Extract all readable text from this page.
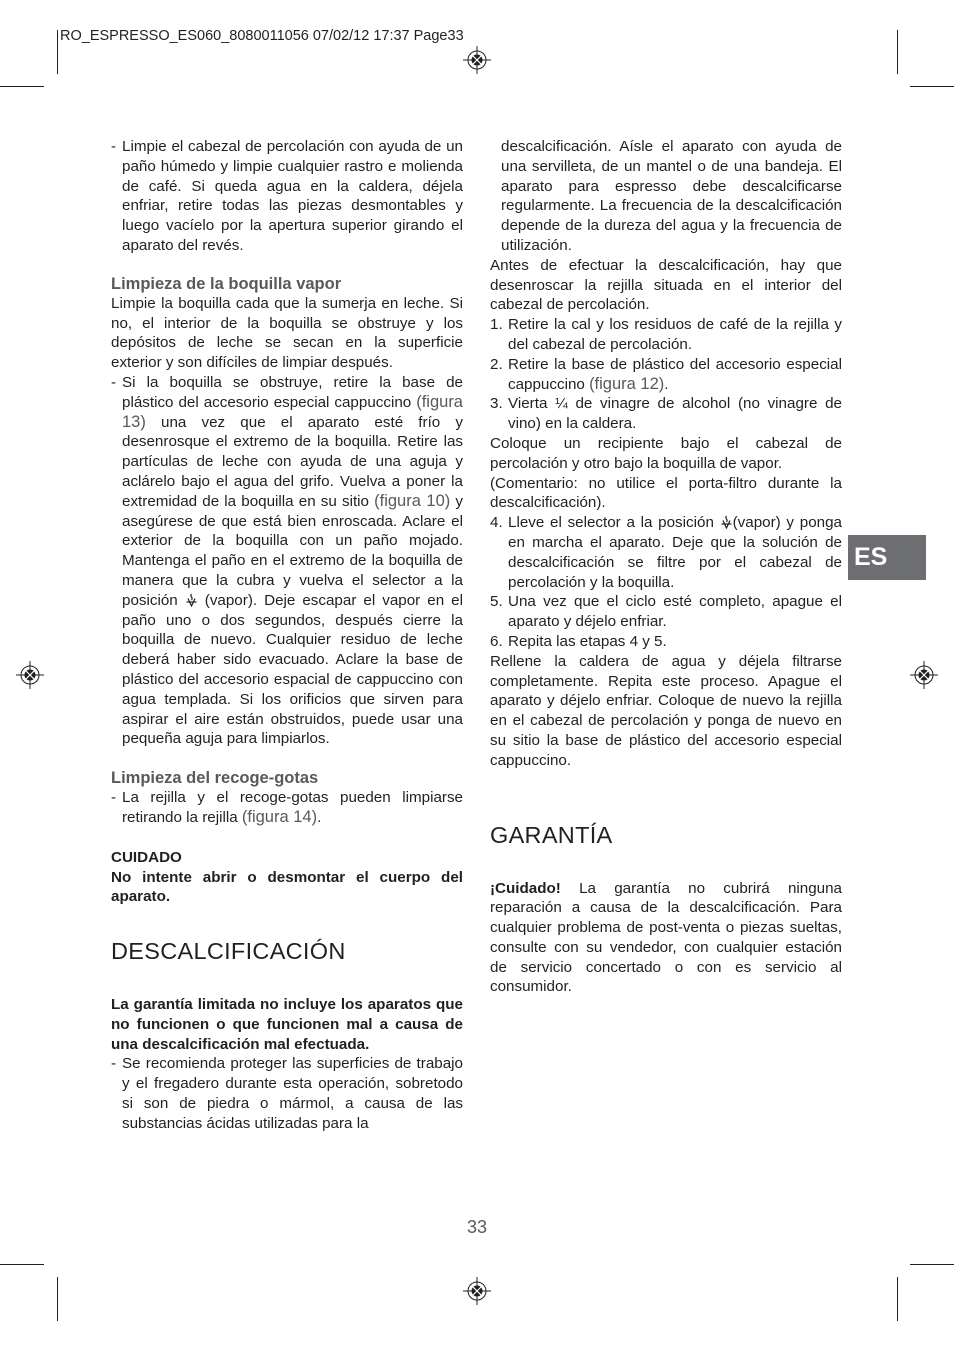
RO_ESPRESSO_ES060_8080011056 07/02/12 17:37 Page33
- Limpie el cabezal de percolación con ayuda de un paño húmedo y limpie cualquier rastro e molienda de café. Si queda agua en la caldera, déjela enfriar, retire todas las piezas desmontables y luego vacíelo por la apertura superior girando el aparato del revés.
Limpieza de la boquilla vapor
Limpie la boquilla cada que la sumerja en leche. Si no, el interior de la boquilla se obstruye y los depósitos de leche se secan en la superficie exterior y son difíciles de limpiar después.
- Si la boquilla se obstruye, retire la base de plástico del accesorio especial cappuccino (figura 13) una vez que el aparato esté frío y desenrosque el extremo de la boquilla. Retire las partículas de leche con ayuda de una aguja y aclárelo bajo el agua del grifo. Vuelva a poner la extremidad de la boquilla en su sitio (figura 10) y asegúrese de que está bien enroscada. Aclare el exterior de la boquilla con un paño mojado. Mantenga el paño en el extremo de la boquilla de manera que la cubra y vuelva el selector a la posición (vapor). Deje escapar el vapor en el paño uno o dos segundos, después cierre la boquilla de nuevo. Cualquier residuo de leche deberá haber sido evacuado. Aclare la base de plástico del accesorio espacial de cappuccino con agua templada. Si los orificios que sirven para aspirar el aire están obstruidos, puede usar una pequeña aguja para limpiarlos.
Limpieza del recoge-gotas
- La rejilla y el recoge-gotas pueden limpiarse retirando la rejilla (figura 14).
CUIDADO
No intente abrir o desmontar el cuerpo del aparato.
DESCALCIFICACIÓN
La garantía limitada no incluye los aparatos que no funcionen o que funcionen mal a causa de una descalcificación mal efectuada.
- Se recomienda proteger las superficies de trabajo y el fregadero durante esta operación, sobretodo si son de piedra o mármol, a causa de las substancias ácidas utilizadas para la
descalcificación. Aísle el aparato con ayuda de una servilleta, de un mantel o de una bandeja. El aparato para espresso debe descalcificarse regularmente. La frecuencia de la descalcificación depende de la dureza del agua y la frecuencia de utilización.
Antes de efectuar la descalcificación, hay que desenroscar la rejilla situada en el interior del cabezal de percolación.
1. Retire la cal y los residuos de café de la rejilla y del cabezal de percolación.
2. Retire la base de plástico del accesorio especial cappuccino (figura 12).
3. Vierta ¼ de vinagre de alcohol (no vinagre de vino) en la caldera.
Coloque un recipiente bajo el cabezal de percolación y otro bajo la boquilla de vapor.
(Comentario: no utilice el porta-filtro durante la descalcificación).
4. Lleve el selector a la posición (vapor) y ponga en marcha el aparato. Deje que la solución de descalcificación se filtre por el cabezal de percolación y la boquilla.
5. Una vez que el ciclo esté completo, apague el aparato y déjelo enfriar.
6. Repita las etapas 4 y 5.
Rellene la caldera de agua y déjela filtrarse completamente. Repita este proceso. Apague el aparato y déjelo enfriar. Coloque de nuevo la rejilla en el cabezal de percolación y ponga de nuevo en su sitio la base de plástico del accesorio especial cappuccino.
GARANTÍA
¡Cuidado! La garantía no cubrirá ninguna reparación a causa de la descalcificación. Para cualquier problema de post-venta o piezas sueltas, consulte con su vendedor, con cualquier estación de servicio concertado o con es servicio al consumidor.
ES
33
